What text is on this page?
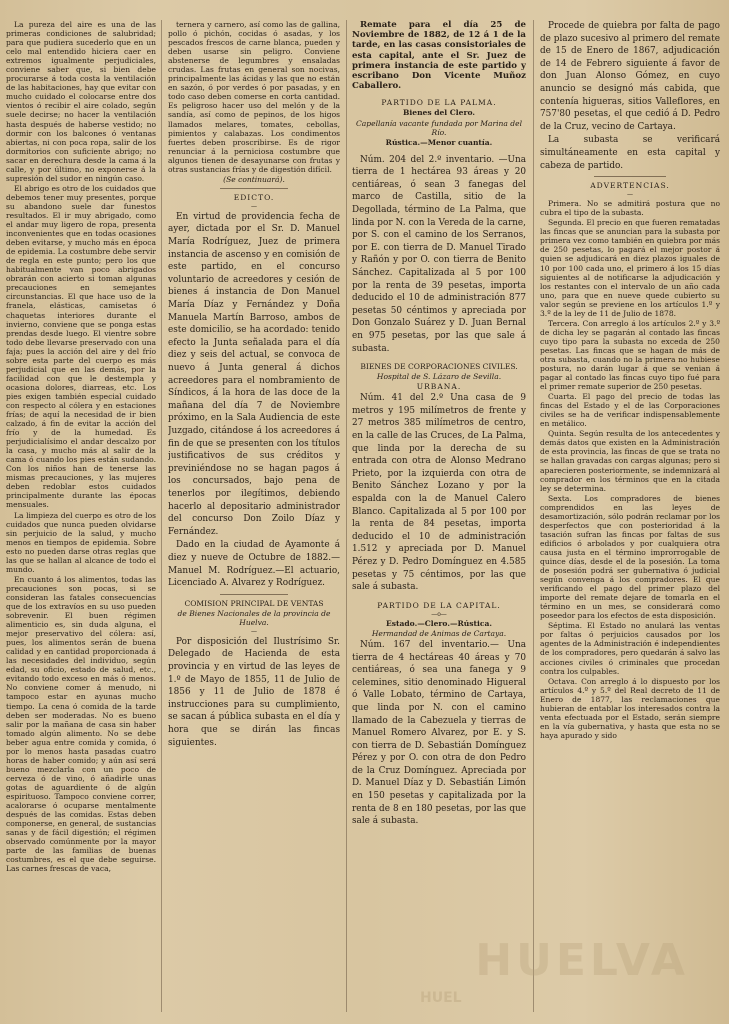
La pureza del aire es una de las primeras condiciones de salubridad; para que pudiera sucederlo que en un celo mal entendido hiciera caer en extremos igualmente perjudiciales, conviene saber que, si bien debe procurarse á toda costa la ventilación de las habitaciones, hay que evitar con mucho cuidado el colocarse entre dos vientos ó recibir el aire colado, según suele decirse; no hacer la ventilación hasta después de haberse vestido; no dormir con los balcones ó ventanas abiertas, ni con poca ropa, salir de los dormitorios con suficiente abrigo; no sacar en derechura desde la cama á la calle, y por último, no exponerse á la supresión del sudor en ningún caso.

El abrigo es otro de los cuidados que debemos tener muy presentes, porque su abandono suele dar funestos resultados. El ir muy abrigado, como el andar muy ligero de ropa, presenta inconvenientes que en todas ocasiones deben evitarse, y mucho más en época de epidemia. La costumbre debe servir de regla en este punto; pero los que habitualmente van poco abrigados obrarán con acierto si toman algunas precauciones en semejantes circunstancias. El que hace uso de la franela, elásticas, camisetas ó chaquetas interiores durante el invierno, conviene que se ponga estas prendas desde luego. El vientre sobre todo debe llevarse preservado con una faja; pues la acción del aire y del frío sobre esta parte del cuerpo es más perjudicial que en las demás, por la facilidad con que le destempla y ocasiona dolores, diarreas, etc. Los pies exigen también especial cuidado con respecto al cólera y en estaciones frías; de aquí la necesidad de ir bien calzado, á fin de evitar la acción del frío y de la humedad. Es perjudicialísimo el andar descalzo por la casa, y mucho más al salir de la cama ó cuando los pies están sudando. Con los niños han de tenerse las mismas precauciones, y las mujeres deben redoblar estos cuidados principalmente durante las épocas mensuales.

La limpieza del cuerpo es otro de los cuidados que nunca pueden olvidarse sin perjuicio de la salud, y mucho menos en tiempos de epidemia. Sobre esto no pueden darse otras reglas que las que se hallan al alcance de todo el mundo.

En cuanto á los alimentos, todas las precauciones son pocas, si se consideran las fatales consecuencias que de los extravíos en su uso pueden sobrevenir. El buen régimen alimenticio es, sin duda alguna, el mejor preservativo del cólera: así, pues, los alimentos serán de buena calidad y en cantidad proporcionada á las necesidades del individuo, según edad, su oficio, estado de salud, etc., evitando todo exceso en más ó menos. No conviene comer á menudo, ni tampoco estar en ayunas mucho tiempo. La cena ó comida de la tarde deben ser moderadas. No es bueno salir por la mañana de casa sin haber tomado algún alimento. No se debe beber agua entre comida y comida, ó por lo menos hasta pasadas cuatro horas de haber comido; y aún así será bueno mezclarla con un poco de cerveza ó de vino, ó añadirle unas gotas de aguardiente ó de algún espirituoso. Tampoco conviene correr, acalorarse ó ocuparse mentalmente después de las comidas. Estas deben componerse, en general, de sustancias sanas y de fácil digestión; el régimen observado comúnmente por la mayor parte de las familias de buenas costumbres, es el que debe seguirse. Las carnes frescas de vaca,

ternera y carnero, así como las de gallina, pollo ó pichón, cocidas ó asadas, y los pescados frescos de carne blanca, pueden y deben usarse sin peligro. Conviene abstenerse de legumbres y ensaladas crudas. Las frutas en general son nocivas, principalmente las ácidas y las que no están en sazón, ó por verdes ó por pasadas, y en todo caso deben comerse en corta cantidad. Es peligroso hacer uso del melón y de la sandía, así como de pepinos, de los higos llamados melares, tomates, cebollas, pimientos y calabazas. Los condimentos fuertes deben proscribirse. Es de rigor renunciar á la perniciosa costumbre que algunos tienen de desayunarse con frutas y otras sustancias frías y de digestión difícil.

(Se continuará).

EDICTO.

—

En virtud de providencia fecha de ayer, dictada por el Sr. D. Manuel María Rodríguez, Juez de primera instancia de ascenso y en comisión de este partido, en el concurso voluntario de acreedores y cesión de bienes á instancia de Don Manuel María Díaz y Fernández y Doña Manuela Martín Barroso, ambos de este domicilio, se ha acordado: tenido efecto la Junta señalada para el día diez y seis del actual, se convoca de nuevo á Junta general á dichos acreedores para el nombramiento de Síndicos, á la hora de las doce de la mañana del día 7 de Noviembre próximo, en la Sala Audiencia de este Juzgado, citándose á los acreedores á fin de que se presenten con los títulos justificativos de sus créditos y previniéndose no se hagan pagos á los concursados, bajo pena de tenerlos por ilegítimos, debiendo hacerlo al depositario administrador del concurso Don Zoilo Díaz y Fernández.

Dado en la ciudad de Ayamonte á diez y nueve de Octubre de 1882.—Manuel M. Rodríguez.—El actuario, Licenciado A. Alvarez y Rodríguez.

COMISION PRINCIPAL DE VENTAS

de Bienes Nacionales de la provincia de Huelva.

—

Por disposición del Ilustrísimo Sr. Delegado de Hacienda de esta provincia y en virtud de las leyes de 1.º de Mayo de 1855, 11 de Julio de 1856 y 11 de Julio de 1878 é instrucciones para su cumplimiento, se sacan á pública subasta en el día y hora que se dirán las fincas siguientes.

Remate para el día 25 de Noviembre de 1882, de 12 á 1 de la tarde, en las casas consistoriales de esta capital, ante el Sr. Juez de primera instancia de este partido y escribano Don Vicente Muñoz Caballero.

PARTIDO DE LA PALMA.

Bienes del Clero.

Capellanía vacante fundada por Marina del Río.

Rústica.—Menor cuantía.

Núm. 204 del 2.º inventario. —Una tierra de 1 hectárea 93 áreas y 20 centiáreas, ó sean 3 fanegas del marco de Castilla, sitio de la Degollada, término de La Palma, que linda por N. con la Vereda de la carne, por S. con el camino de los Serranos, por E. con tierra de D. Manuel Tirado y Rañón y por O. con tierra de Benito Sánchez. Capitalizada al 5 por 100 por la renta de 39 pesetas, importa deducido el 10 de administración 877 pesetas 50 céntimos y apreciada por Don Gonzalo Suárez y D. Juan Bernal en 975 pesetas, por las que sale á subasta.

BIENES DE CORPORACIONES CIVILES.

Hospital de S. Lázaro de Sevilla.

URBANA.

Núm. 41 del 2.º Una casa de 9 metros y 195 milímetros de frente y 27 metros 385 milímetros de centro, en la calle de las Cruces, de La Palma, que linda por la derecha de su entrada con otra de Alonso Medrano Prieto, por la izquierda con otra de Benito Sánchez Lozano y por la espalda con la de Manuel Calero Blanco. Capitalizada al 5 por 100 por la renta de 84 pesetas, importa deducido el 10 de administración 1.512 y apreciada por D. Manuel Pérez y D. Pedro Domínguez en 4.585 pesetas y 75 céntimos, por las que sale á subasta.

PARTIDO DE LA CAPITAL.

—o—

Estado.—Clero.—Rústica.

Hermandad de Animas de Cartaya.

Núm. 167 del inventario.— Una tierra de 4 hectáreas 40 áreas y 70 centiáreas, ó sea una fanega y 9 celemines, sitio denominado Higueral ó Valle Lobato, término de Cartaya, que linda por N. con el camino llamado de la Cabezuela y tierras de Manuel Romero Alvarez, por E. y S. con tierra de D. Sebastián Domínguez Pérez y por O. con otra de don Pedro de la Cruz Domínguez. Apreciada por D. Manuel Díaz y D. Sebastián Limón en 150 pesetas y capitalizada por la renta de 8 en 180 pesetas, por las que sale á subasta.

Procede de quiebra por falta de pago de plazo sucesivo al primero del remate de 15 de Enero de 1867, adjudicación de 14 de Febrero siguiente á favor de don Juan Alonso Gómez, en cuyo anuncio se designó más cabida, que contenía higueras, sitios Valleflores, en 757'80 pesetas, el que cedió á D. Pedro de la Cruz, vecino de Cartaya.

La subasta se verificará simultáneamente en esta capital y cabeza de partido.

ADVERTENCIAS.

—

Primera. No se admitirá postura que no cubra el tipo de la subasta.

Segunda. El precio en que fueren rematadas las fincas que se anuncian para la subasta por primera vez como también en quiebra por más de 250 pesetas, lo pagará el mejor postor á quien se adjudicará en diez plazos iguales de 10 por 100 cada uno, el primero á los 15 días siguientes al de notificarse la adjudicación y los restantes con el intervalo de un año cada uno, para que en nueve quede cubierto su valor según se previene en los artículos 1.º y 3.º de la ley de 11 de Julio de 1878.

Tercera. Con arreglo á los artículos 2.º y 3.º de dicha ley se pagarán al contado las fincas cuyo tipo para la subasta no exceda de 250 pesetas. Las fincas que se hagan de más de otra subasta, cuando no la primera no hubiese postura, no darán lugar á que se venian á pagar al contado las fincas cuyo tipo fué para el primer remate superior de 250 pesetas.

Cuarta. El pago del precio de todas las fincas del Estado y el de las Corporaciones civiles se ha de verificar indispensablemente en metálico.

Quinta. Según resulta de los antecedentes y demás datos que existen en la Administración de esta provincia, las fincas de que se trata no se hallan gravadas con cargas algunas; pero si aparecieren posteriormente, se indemnizará al comprador en los términos que en la citada ley se determina.

Sexta. Los compradores de bienes comprendidos en las leyes de desamortización, sólo podrán reclamar por los desperfectos que con posterioridad á la tasación sufran las fincas por faltas de sus edificios ó arbolados y por cualquiera otra causa justa en el término improrrogable de quince días, desde el de la posesión. La toma de posesión podrá ser gubernativa ó judicial según convenga á los compradores. El que verificando el pago del primer plazo del importe del remate dejare de tomarla en el término en un mes, se considerará como poseedor para los efectos de esta disposición.

Séptima. El Estado no anulará las ventas por faltas ó perjuicios causados por los agentes de la Administración é independientes de los compradores, pero quedarán á salvo las acciones civiles ó criminales que procedan contra los culpables.

Octava. Con arreglo á lo dispuesto por los artículos 4.º y 5.º del Real decreto de 11 de Enero de 1877, las reclamaciones que hubieran de entablar los interesados contra la venta efectuada por el Estado, serán siempre en la vía gubernativa, y hasta que esta no se haya apurado y sido

HUELVA
HUEL
